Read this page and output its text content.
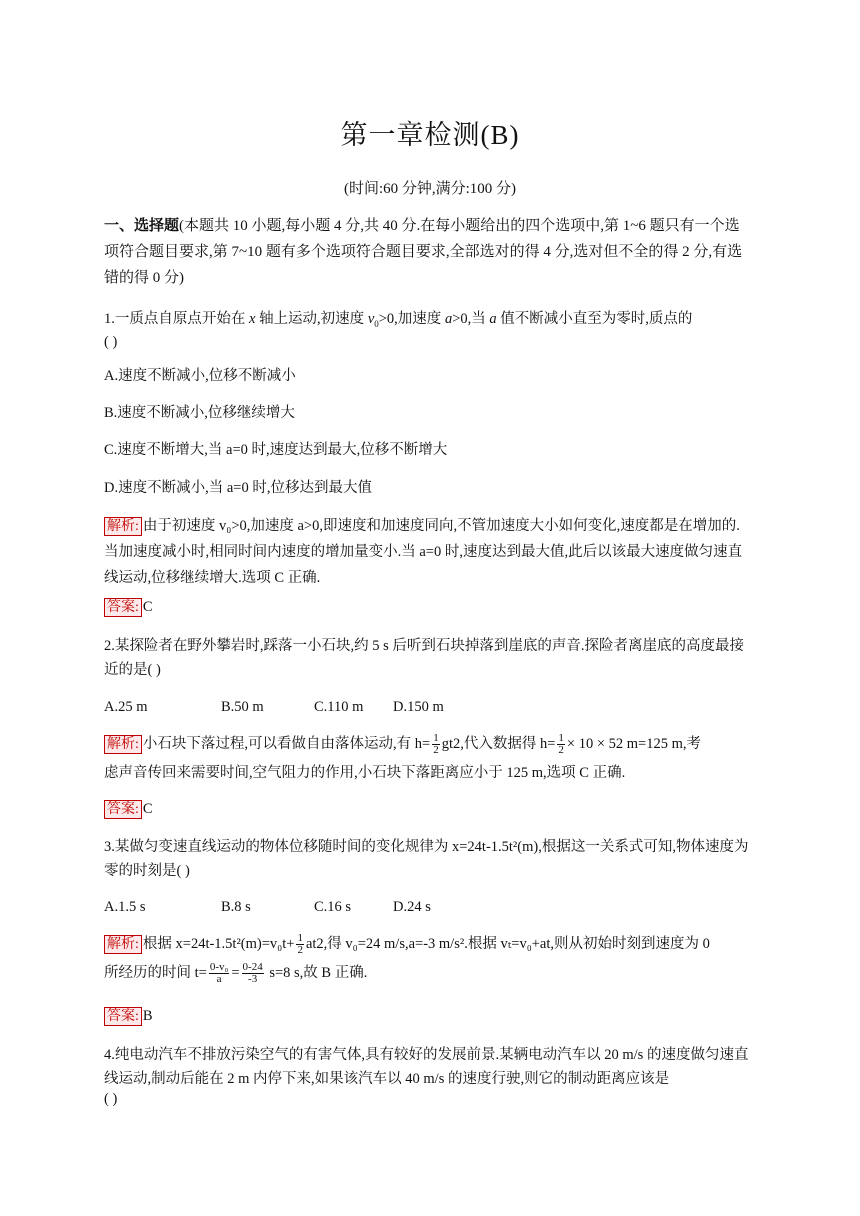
第一章检测(B)
(时间:60 分钟,满分:100 分)
一、选择题(本题共 10 小题,每小题 4 分,共 40 分.在每小题给出的四个选项中,第 1~6 题只有一个选项符合题目要求,第 7~10 题有多个选项符合题目要求,全部选对的得 4 分,选对但不全的得 2 分,有选错的得 0 分)
1.一质点自原点开始在 x 轴上运动,初速度 $v_0>0$,加速度 a>0,当 a 值不断减小直至为零时,质点的
( )
A.速度不断减小,位移不断减小
B.速度不断减小,位移继续增大
C.速度不断增大,当 a=0 时,速度达到最大,位移不断增大
D.速度不断减小,当 a=0 时,位移达到最大值
解析: 由于初速度 v₀>0,加速度 a>0,即速度和加速度同向,不管加速度大小如何变化,速度都是在增加的.当加速度减小时,相同时间内速度的增加量变小.当 a=0 时,速度达到最大值,此后以该最大速度做匀速直线运动,位移继续增大.选项 C 正确.
答案: C
2.某探险者在野外攀岩时,踩落一小石块,约 5 s 后听到石块掉落到崖底的声音.探险者离崖底的高度最接近的是( )
A.25 m	B.50 m	C.110 m D.150 m
解析: 小石块下落过程,可以看做自由落体运动,有 $h= \frac{1}{2} gt2$,代入数据得 $h= \frac{1}{2} \times 10 \times 52$ m=125 m,考
虑声音传回来需要时间,空气阻力的作用,小石块下落距离应小于 125 m,选项 C 正确.
答案: C
3.某做匀变速直线运动的物体位移随时间的变化规律为 x=24t-1.5t²(m),根据这一关系式可知,物体速度为零的时刻是( )
A.1.5 s	B.8 s	C.16 s	D.24 s
解析: 根据 $x=24t-1.5t^2(m)=v_0t+ \frac{1}{2} at2$,得 v₀=24 m/s,a=-3 m/s².根据 vₜ=v₀+at,则从初始时刻到速度为 0
所经历的时间 $t= \frac{\text{0-v₀}}{a} = \frac{0-24}{-3} s=8$ s,故 B 正确.
答案: B
4.纯电动汽车不排放污染空气的有害气体,具有较好的发展前景.某辆电动汽车以 20 m/s 的速度做匀速直线运动,制动后能在 2 m 内停下来,如果该汽车以 40 m/s 的速度行驶,则它的制动距离应该是
( )
